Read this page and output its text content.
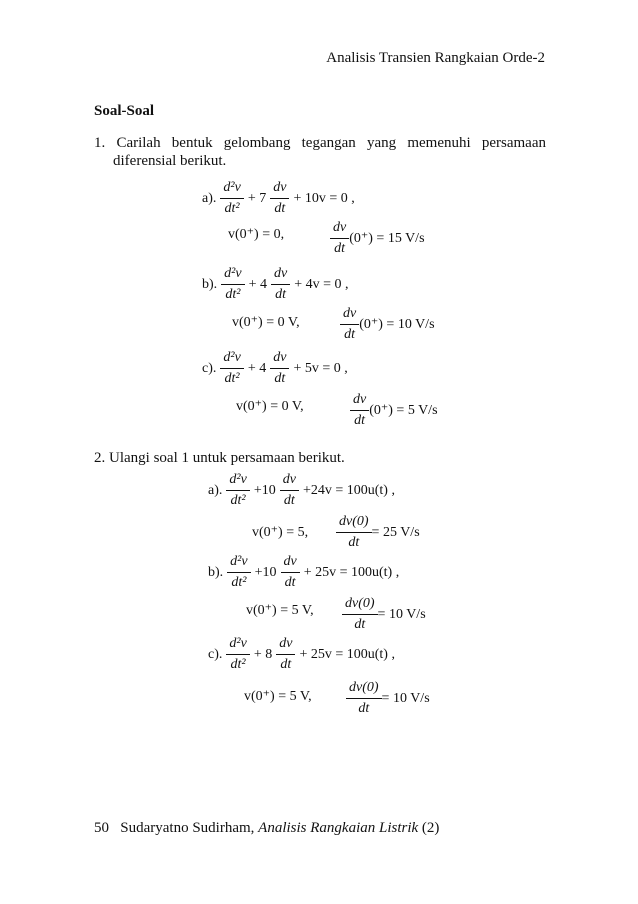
Analisis Transien Rangkaian Orde-2
Soal-Soal
1. Carilah bentuk gelombang tegangan yang memenuhi persamaan
diferensial berikut.
a). $\frac{\text{d²v}}{\text{dt²}} + 7 \frac{dv}{dt} + 10v = 0$ ,
v(0⁺) = 0,	$\frac{dv}{dt} (0^+) = 15$ V/s
b). $\frac{\text{d²v}}{\text{dt²}} + 4 \frac{dv}{dt} + 4v = 0$ ,
v(0⁺) = 0 V,	$\frac{dv}{dt} (0^+) = 10$ V/s
c). $\frac{\text{d²v}}{\text{dt²}} + 4 \frac{dv}{dt} + 5v = 0$ ,
v(0⁺) = 0 V,	$\frac{dv}{dt} (0^+) = 5$ V/s
2. Ulangi soal 1 untuk persamaan berikut.
a). $\frac{\text{d²v}}{\text{dt²}} +10 \frac{dv}{dt} +24v = 100u(t)$ ,
v(0⁺) = 5, $\frac{dv(0)}{dt} = 25$ V/s
b). $\frac{\text{d²v}}{\text{dt²}} +10 \frac{dv}{dt} + 25v = 100u(t)$ ,
v(0⁺) = 5 V, $\frac{dv(0)}{dt} = 10$ V/s
c). $\frac{\text{d²v}}{\text{dt²}} + 8 \frac{dv}{dt} + 25v = 100u(t)$ ,
v(0⁺) = 5 V, $\frac{dv(0)}{dt} = 10$ V/s
50 Sudaryatno Sudirham, Analisis Rangkaian Listrik (2)
